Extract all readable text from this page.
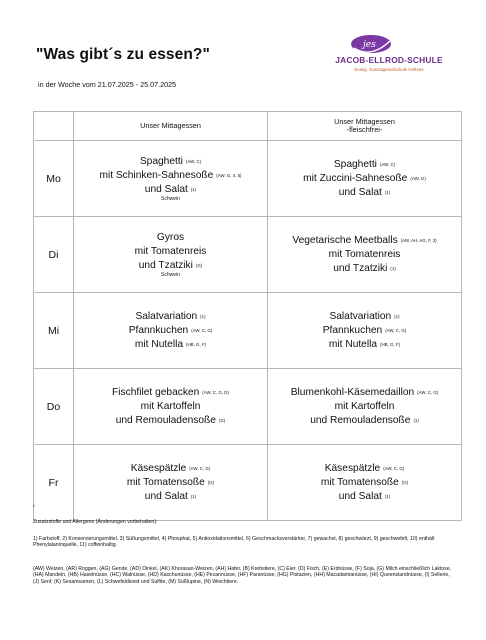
"Was gibt´s zu essen?"
in der Woche vom 21.07.2025 - 25.07.2025
jes
JACOB-ELLROD-SCHULE
Evang. Ganztagsrealschule Gefrees
	Unser Mittagessen	Unser Mittagessen
-fleischfrei-

Mo	Spaghetti $^{(AW, C)}$
mit Schinken-Sahnesoße $^{(AW, G, 4, 5)}$
und Salat $^{(1)}$
Schwein	Spaghetti $^{(AW, C)}$
mit Zuccini-Sahnesoße $^{(AW, G)}$
und Salat $^{(1)}$

Di	Gyros
mit Tomatenreis
und Tzatziki $^{(G)}$
Schwein	Vegetarische Meetballs $^{(AW, AH, AG, F, 3)}$
mit Tomatenreis
und Tzatziki $^{(1)}$

Mi	Salatvariation $^{(1)}$
Pfannkuchen $^{(AW, C, G)}$
mit Nutella $^{(HB, G, F)}$	Salatvariation $^{(1)}$
Pfannkuchen $^{(AW, C, G)}$
mit Nutella $^{(HB, G, F)}$

Do	Fischfilet gebacken $^{(AW, C, G, D)}$
mit Kartoffeln
und Remouladensoße $^{(G)}$	Blumenkohl-Käsemedaillon $^{(AW, C, G)}$
mit Kartoffeln
und Remouladensoße $^{(1)}$

Fr	Käsespätzle $^{(AW, C, G)}$
mit Tomatensoße $^{(G)}$
und Salat $^{(1)}$	Käsespätzle $^{(AW, C, G)}$
mit Tomatensoße $^{(G)}$
und Salat $^{(1)}$
²
Zusatzstoffe und Allergene (Änderungen vorbehalten):
1) Farbstoff, 2) Konservierungsmittel, 3) Süßungsmittel, 4) Phosphat, 5) Antioxidationsmittel, 6) Geschmacksverstärker, 7) gewachst, 8) geschwärzt, 9) geschwefelt, 10) enthält Phenylalaninquelle, 11) coffeinhaltig.
(AW) Weizen, (AR) Roggen, (AG) Gerste, (AD) Dinkel, (AK) Khorasan-Weizen, (AH) Hafer, (B) Krebstiere, (C) Eier, (D) Fisch, (E) Erdnüsse, (F) Soja, (G) Milch einschließlich Laktose, (HA) Mandeln, (HB) Haselnüsse, (HC) Walnüsse, (HD) Kaschunüsse, (HE) Pecannüsse, (HF) Paranüsse, (HG) Pistazien, (HH) Macadamianüsse, (HI) Queenslandnüsse, (I) Sellerie, (J) Senf, (K) Sesamsamen, (L) Schwefeldioxid und Sulfite, (M) Süßlupine, (N) Weichtiere.
